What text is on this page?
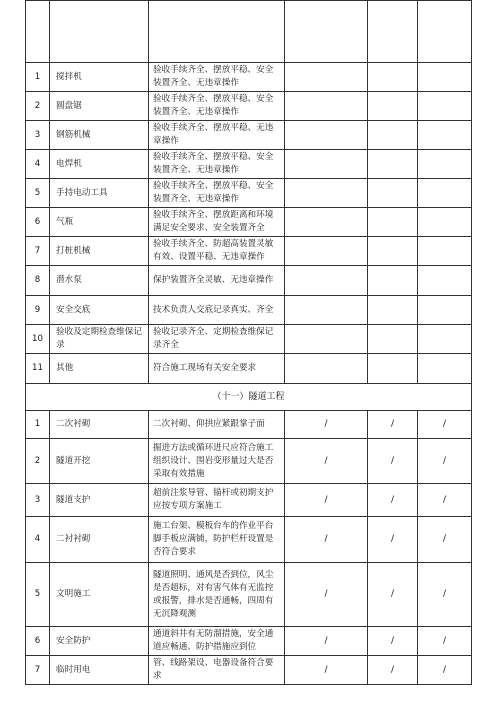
1	搅拌机	验收手续齐全、摆放平稳、安全装置齐全、无违章操作			
2	圆盘锯	验收手续齐全、摆放平稳、安全装置齐全、无违章操作			
3	钢筋机械	验收手续齐全、摆放平稳、无违章操作			
4	电焊机	验收手续齐全、摆放平稳、安全装置齐全、无违章操作			
5	手持电动工具	验收手续齐全、摆放平稳、安全装置齐全、无违章操作			
6	气瓶	验收手续齐全、摆放距离和环境满足安全要求、安全装置齐全			
7	打桩机械	验收手续齐全、防超高装置灵敏有效、设置平稳、无违章操作			
8	潜水泵	保护装置齐全灵敏、无违章操作			
9	安全交底	技术负责人交底记录真实、齐全			
10	验收及定期检查维保记录	验收记录齐全、定期检查维保记录齐全			
11	其他	符合施工现场有关安全要求			
（十一）隧道工程					
1	二次衬砌	二次衬砌、仰拱应紧跟掌子面	/	/	/
2	隧道开挖	掘进方法或循环进尺应符合施工组织设计、围岩变形量过大是否采取有效措施	/	/	/
3	隧道支护	超前注浆导管、锚杆或初期支护应按专项方案施工	/	/	/
4	二衬衬砌	施工台架、模板台车的作业平台脚手板应满铺，防护栏杆设置是否符合要求	/	/	/
5	文明施工	隧道照明、通风是否到位，风尘是否超标，对有害气体有无监控或报警，排水是否通畅，四周有无沉降观测	/	/	/
6	安全防护	通道斜井有无防溜措施，安全通道应畅通、防护措施应到位	/	/	/
7	临时用电	管、线路架设、电器设备符合要求	/	/	/
